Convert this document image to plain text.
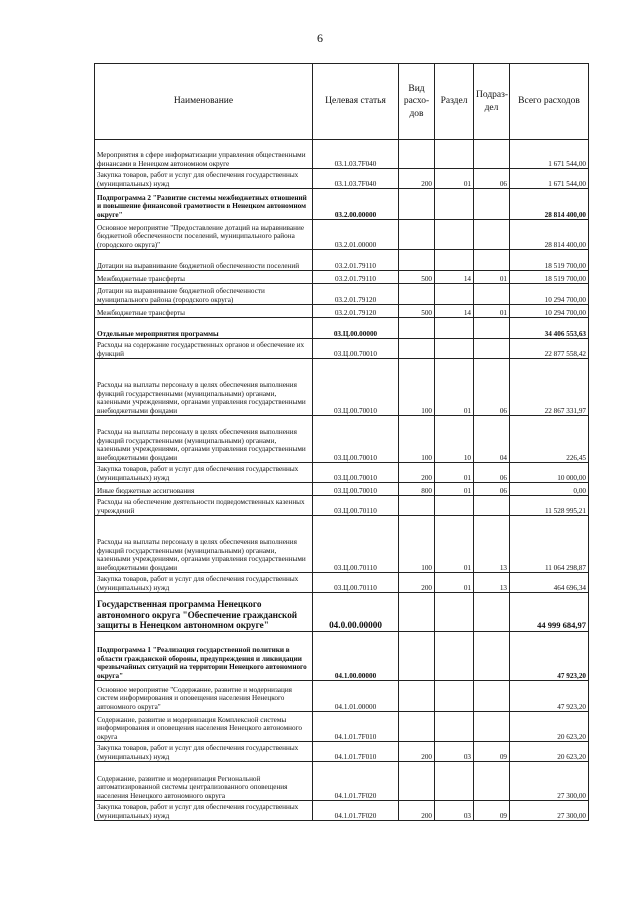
6
Наименование	Целевая статья	Вид расхо-дов	Раздел	Подраз-дел	Всего расходов
Мероприятия в сфере информатизации управления общественными финансами в Ненецком автономном округе	03.1.03.7F040				1 671 544,00
Закупка товаров, работ и услуг для обеспечения государственных (муниципальных) нужд	03.1.03.7F040	200	01	06	1 671 544,00
Подпрограмма 2 "Развитие системы межбюджетных отношений и повышение финансовой грамотности в Ненецком автономном округе"	03.2.00.00000				28 814 400,00
Основное мероприятие "Предоставление дотаций на выравнивание бюджетной обеспеченности поселений, муниципального района (городского округа)"	03.2.01.00000				28 814 400,00
Дотации на выравнивание бюджетной обеспеченности поселений	03.2.01.79110				18 519 700,00
Межбюджетные трансферты	03.2.01.79110	500	14	01	18 519 700,00
Дотации на выравнивание бюджетной обеспеченности муниципального района (городского округа)	03.2.01.79120				10 294 700,00
Межбюджетные трансферты	03.2.01.79120	500	14	01	10 294 700,00
Отдельные мероприятия программы	03.Ц.00.00000				34 406 553,63
Расходы на содержание государственных органов и обеспечение их функций	03.Ц.00.70010				22 877 558,42
Расходы на выплаты персоналу в целях обеспечения выполнения функций государственными (муниципальными) органами, казенными учреждениями, органами управления государственными внебюджетными фондами	03.Ц.00.70010	100	01	06	22 867 331,97
Расходы на выплаты персоналу в целях обеспечения выполнения функций государственными (муниципальными) органами, казенными учреждениями, органами управления государственными внебюджетными фондами	03.Ц.00.70010	100	10	04	226,45
Закупка товаров, работ и услуг для обеспечения государственных (муниципальных) нужд	03.Ц.00.70010	200	01	06	10 000,00
Иные бюджетные ассигнования	03.Ц.00.70010	800	01	06	0,00
Расходы на обеспечение деятельности подведомственных казенных учреждений	03.Ц.00.70110				11 528 995,21
Расходы на выплаты персоналу в целях обеспечения выполнения функций государственными (муниципальными) органами, казенными учреждениями, органами управления государственными внебюджетными фондами	03.Ц.00.70110	100	01	13	11 064 298,87
Закупка товаров, работ и услуг для обеспечения государственных (муниципальных) нужд	03.Ц.00.70110	200	01	13	464 696,34
Государственная программа Ненецкого автономного округа "Обеспечение гражданской защиты в Ненецком автономном округе"	04.0.00.00000				44 999 684,97
Подпрограмма 1 "Реализация государственной политики в области гражданской обороны, предупреждения и ликвидации чрезвычайных ситуаций на территории Ненецкого автономного округа"	04.1.00.00000				47 923,20
Основное мероприятие "Содержание, развитие и модернизация систем информирования и оповещения населения Ненецкого автономного округа"	04.1.01.00000				47 923,20
Содержание, развитие и модернизация Комплексной системы информирования и оповещения населения Ненецкого автономного округа	04.1.01.7F010				20 623,20
Закупка товаров, работ и услуг для обеспечения государственных (муниципальных) нужд	04.1.01.7F010	200	03	09	20 623,20
Содержание, развитие и модернизация Региональной автоматизированной системы централизованного оповещения населения Ненецкого автономного округа	04.1.01.7F020				27 300,00
Закупка товаров, работ и услуг для обеспечения государственных (муниципальных) нужд	04.1.01.7F020	200	03	09	27 300,00
